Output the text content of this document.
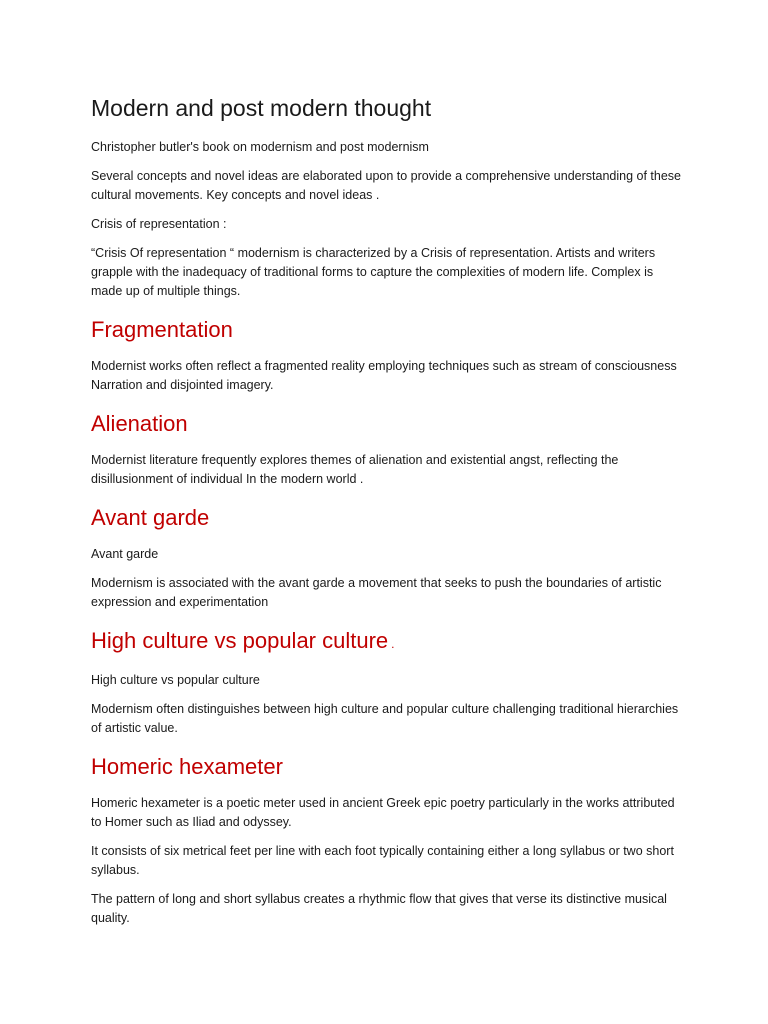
Modern and post modern thought

Christopher butler's book on modernism and post modernism

Several concepts and novel ideas are elaborated upon to provide a comprehensive understanding of these cultural movements. Key concepts and novel ideas .

Crisis of representation :

“Crisis Of representation “ modernism is characterized by a Crisis of representation. Artists and writers grapple with the inadequacy of traditional forms to capture the complexities of modern life. Complex is made up of multiple things.

Fragmentation

Modernist works often reflect a fragmented reality employing techniques such as stream of consciousness Narration and disjointed imagery.

Alienation

Modernist literature frequently explores themes of alienation and existential angst, reflecting the disillusionment of individual In the modern world .

Avant garde

Avant garde

Modernism is associated with the avant garde a movement that seeks to push the boundaries of artistic expression and experimentation

High culture vs popular culture .

High culture vs popular culture

Modernism often distinguishes between high culture and popular culture challenging traditional hierarchies of artistic value.

Homeric hexameter

Homeric hexameter is a poetic meter used in ancient Greek epic poetry particularly in the works attributed to Homer such as Iliad and odyssey.

It consists of six metrical feet per line with each foot typically containing either a long syllabus or two short syllabus.

The pattern of long and short syllabus creates a rhythmic flow that gives that verse its distinctive musical quality.
